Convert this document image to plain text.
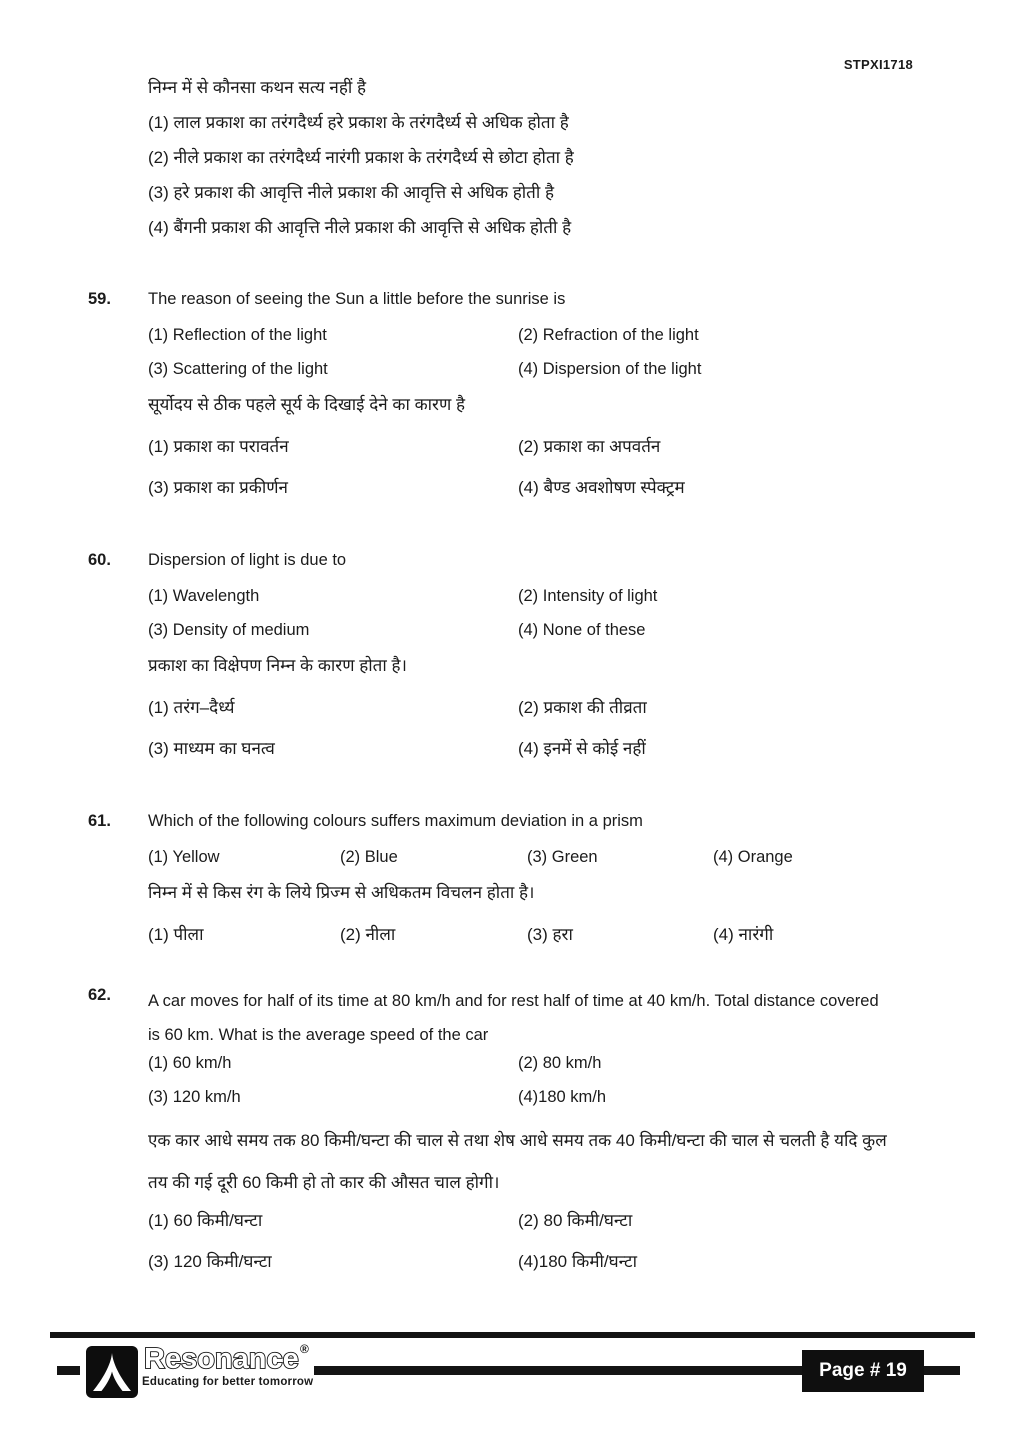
STPXI1718

निम्न में से कौनसा कथन सत्य नहीं है

(1) लाल प्रकाश का तरंगदैर्ध्य हरे प्रकाश के तरंगदैर्ध्य से अधिक होता है

(2) नीले प्रकाश का तरंगदैर्ध्य नारंगी प्रकाश के तरंगदैर्ध्य से छोटा होता है

(3) हरे प्रकाश की आवृत्ति नीले प्रकाश की आवृत्ति से अधिक होती है

(4) बैंगनी प्रकाश की आवृत्ति नीले प्रकाश की आवृत्ति से अधिक होती है

59. The reason of seeing the Sun a little before the sunrise is

(1) Reflection of the light	(2) Refraction of the light
(3) Scattering of the light	(4) Dispersion of the light

सूर्योदय से ठीक पहले सूर्य के दिखाई देने का कारण है

(1) प्रकाश का परावर्तन	(2) प्रकाश का अपवर्तन
(3) प्रकाश का प्रकीर्णन	(4) बैण्ड अवशोषण स्पेक्ट्रम
60. Dispersion of light is due to

(1) Wavelength	(2) Intensity of light
(3) Density of medium	(4) None of these

प्रकाश का विक्षेपण निम्न के कारण होता है।

(1) तरंग–दैर्ध्य	(2) प्रकाश की तीव्रता
(3) माध्यम का घनत्व	(4) इनमें से कोई नहीं
61. Which of the following colours suffers maximum deviation in a prism

(1) Yellow	(2) Blue	(3) Green	(4) Orange

निम्न में से किस रंग के लिये प्रिज्म से अधिकतम विचलन होता है।

(1) पीला	(2) नीला	(3) हरा	(4) नारंगी
62. A car moves for half of its time at 80 km/h and for rest half of time at 40 km/h. Total distance covered is 60 km. What is the average speed of the car

(1) 60 km/h	(2) 80 km/h
(3) 120 km/h	(4)180 km/h

एक कार आधे समय तक 80 किमी/घन्टा की चाल से तथा शेष आधे समय तक 40 किमी/घन्टा की चाल से चलती है यदि कुल तय की गई दूरी 60 किमी हो तो कार की औसत चाल होगी।

(1) 60 किमी/घन्टा	(2) 80 किमी/घन्टा
(3) 120 किमी/घन्टा	(4)180 किमी/घन्टा
Resonance ®
Educating for better tomorrow
Page # 19
